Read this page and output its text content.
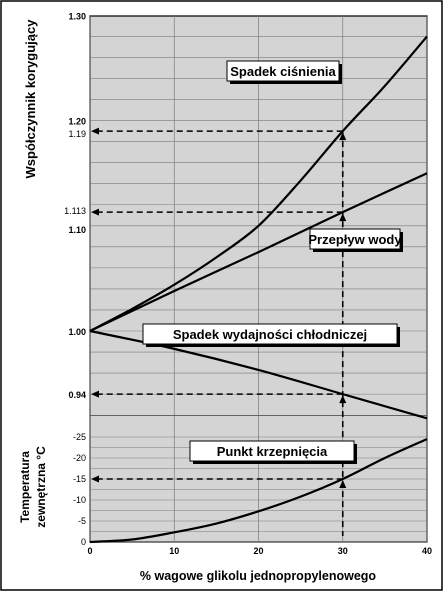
1.30
1.20
1.19
1.113
1.10
1.00
0.94
-25
-20
-15
-10
-5
0
0	10	20	30	40
Spadek ciśnienia
Przepływ wody
Spadek wydajności chłodniczej
Punkt krzepnięcia
Współczynnik korygujący
Temperatura zewnętrzna °C
% wagowe glikolu jednopropylenowego
